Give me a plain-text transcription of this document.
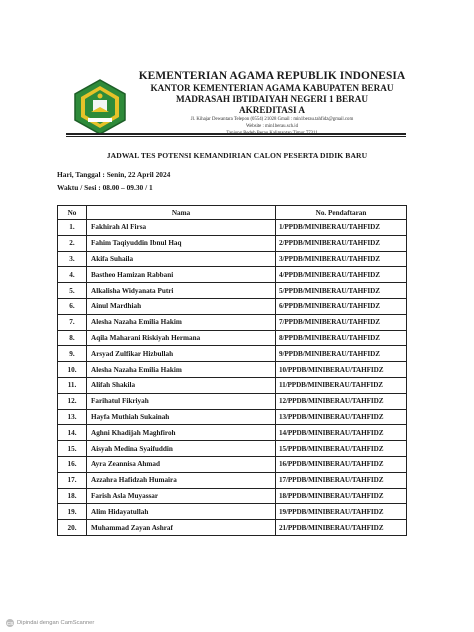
KEMENTERIAN AGAMA REPUBLIK INDONESIA
KANTOR KEMENTERIAN AGAMA KABUPATEN BERAU
MADRASAH IBTIDAIYAH NEGERI 1 BERAU
AKREDITASI A
Jl. Kihajar Dewantara Telepon (0554) 21028 Gmail : min1berau.tahfidz@gmail.com
Website : min1berau.sch.id
JADWAL TES POTENSI KEMANDIRIAN CALON PESERTA DIDIK BARU
Hari, Tanggal : Senin, 22 April 2024
Waktu / Sesi : 08.00 – 09.30 / 1
No	Nama	No. Pendaftaran
1.	Fakhirah Al Firsa	1/PPDB/MINIBERAU/TAHFIDZ
2.	Fahim Taqiyuddin Ibnul Haq	2/PPDB/MINIBERAU/TAHFIDZ
3.	Akifa Suhaila	3/PPDB/MINIBERAU/TAHFIDZ
4.	Bastheo Hamizan Rabbani	4/PPDB/MINIBERAU/TAHFIDZ
5.	Alkalisha Widyanata Putri	5/PPDB/MINIBERAU/TAHFIDZ
6.	Ainul Mardhiah	6/PPDB/MINIBERAU/TAHFIDZ
7.	Alesha Nazaha Emilia Hakim	7/PPDB/MINIBERAU/TAHFIDZ
8.	Aqila Maharani Riskiyah Hermana	8/PPDB/MINIBERAU/TAHFIDZ
9.	Arsyad Zulfikar Hizbullah	9/PPDB/MINIBERAU/TAHFIDZ
10.	Alesha Nazaha Emilia Hakim	10/PPDB/MINIBERAU/TAHFIDZ
11.	Alifah Shakila	11/PPDB/MINIBERAU/TAHFIDZ
12.	Farihatul Fikriyah	12/PPDB/MINIBERAU/TAHFIDZ
13.	Hayfa Muthiah Sukainah	13/PPDB/MINIBERAU/TAHFIDZ
14.	Aghni Khadijah Maghfiroh	14/PPDB/MINIBERAU/TAHFIDZ
15.	Aisyah Medina Syaifuddin	15/PPDB/MINIBERAU/TAHFIDZ
16.	Ayra Zeannisa Ahmad	16/PPDB/MINIBERAU/TAHFIDZ
17.	Azzahra Hafidzah Humaira	17/PPDB/MINIBERAU/TAHFIDZ
18.	Farish Asla Muyassar	18/PPDB/MINIBERAU/TAHFIDZ
19.	Alim Hidayatullah	19/PPDB/MINIBERAU/TAHFIDZ
20.	Muhammad Zayan Ashraf	21/PPDB/MINIBERAU/TAHFIDZ
CS Dipindai dengan CamScanner
